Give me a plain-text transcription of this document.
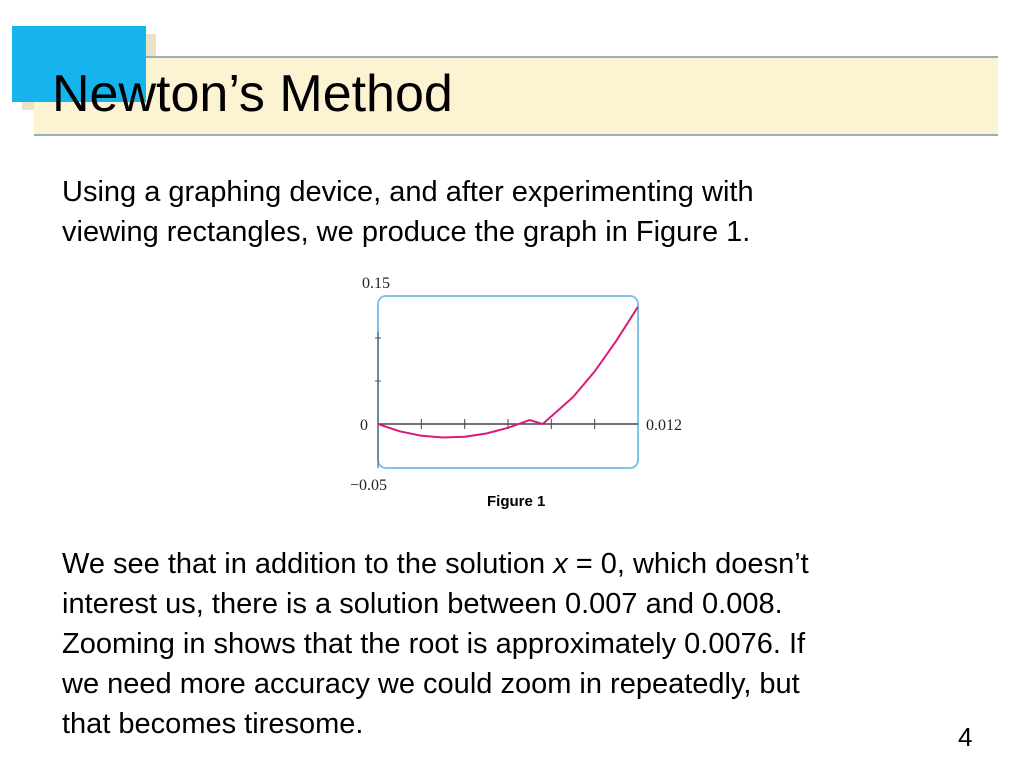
Newton’s Method
Using a graphing device, and after experimenting with
viewing rectangles, we produce the graph in Figure 1.
0.15
0
−0.05
0.012
Figure 1
We see that in addition to the solution x = 0, which doesn’t
interest us, there is a solution between 0.007 and 0.008.
Zooming in shows that the root is approximately 0.0076. If
we need more accuracy we could zoom in repeatedly, but
that becomes tiresome.	4
